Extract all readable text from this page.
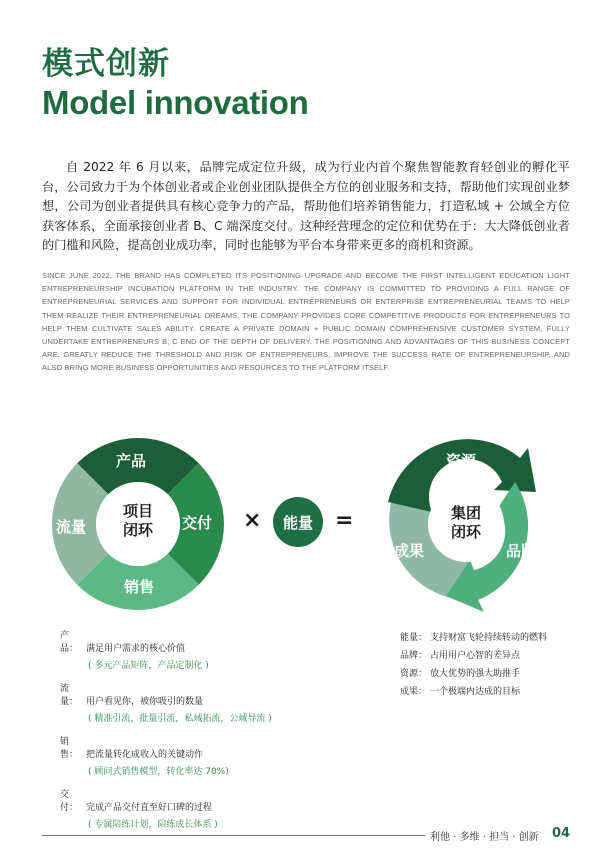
模式创新
Model innovation
自 2022 年 6 月以来，品牌完成定位升级，成为行业内首个聚焦智能教育轻创业的孵化平台，公司致力于为个体创业者或企业创业团队提供全方位的创业服务和支持，帮助他们实现创业梦想，公司为创业者提供具有核心竞争力的产品，帮助他们培养销售能力，打造私域 + 公域全方位获客体系，全面承接创业者 B、C 端深度交付。这种经营理念的定位和优势在于：大大降低创业者的门槛和风险，提高创业成功率，同时也能够为平台本身带来更多的商机和资源。
SINCE JUNE 2022, THE BRAND HAS COMPLETED ITS POSITIONING UPGRADE AND BECOME THE FIRST INTELLIGENT EDUCATION LIGHT ENTREPRENEURSHIP INCUBATION PLATFORM IN THE INDUSTRY. THE COMPANY IS COMMITTED TO PROVIDING A FULL RANGE OF ENTREPRENEURIAL SERVICES AND SUPPORT FOR INDIVIDUAL ENTREPRENEURS OR ENTERPRISE ENTREPRENEURIAL TEAMS TO HELP THEM REALIZE THEIR ENTREPRENEURIAL DREAMS. THE COMPANY PROVIDES CORE COMPETITIVE PRODUCTS FOR ENTREPRENEURS TO HELP THEM CULTIVATE SALES ABILITY. CREATE A PRIVATE DOMAIN + PUBLIC DOMAIN COMPREHENSIVE CUSTOMER SYSTEM, FULLY UNDERTAKE ENTREPRENEURS B, C END OF THE DEPTH OF DELIVERY. THE POSITIONING AND ADVANTAGES OF THIS BUSINESS CONCEPT ARE: GREATLY REDUCE THE THRESHOLD AND RISK OF ENTREPRENEURS, IMPROVE THE SUCCESS RATE OF ENTREPRENEURSHIP, AND ALSO BRING MORE BUSINESS OPPORTUNITIES AND RESOURCES TO THE PLATFORM ITSELF.
产品
交付
销售
流量
项目
闭环
资源
品牌
成果
集团
闭环
× 能量 =
产品： 满足用户需求的核心价值
( 多元产品矩阵，产品定制化 )
流量： 用户看见你，被你吸引的数量
( 精准引流，批量引流，私域拓流，公域导流 )
销售： 把流量转化成收入的关键动作
( 顾问式销售模型，转化率达 70%)
交付： 完成产品交付直至好口碑的过程
( 专属陪练计划，陪练成长体系 )
能量： 支持财富飞轮持续转动的燃料
品牌： 占用用户心智的差异点
资源： 放大优势的强大助推手
成果： 一个极端内达成的目标
利他 · 多维 · 担当 · 创新 04
